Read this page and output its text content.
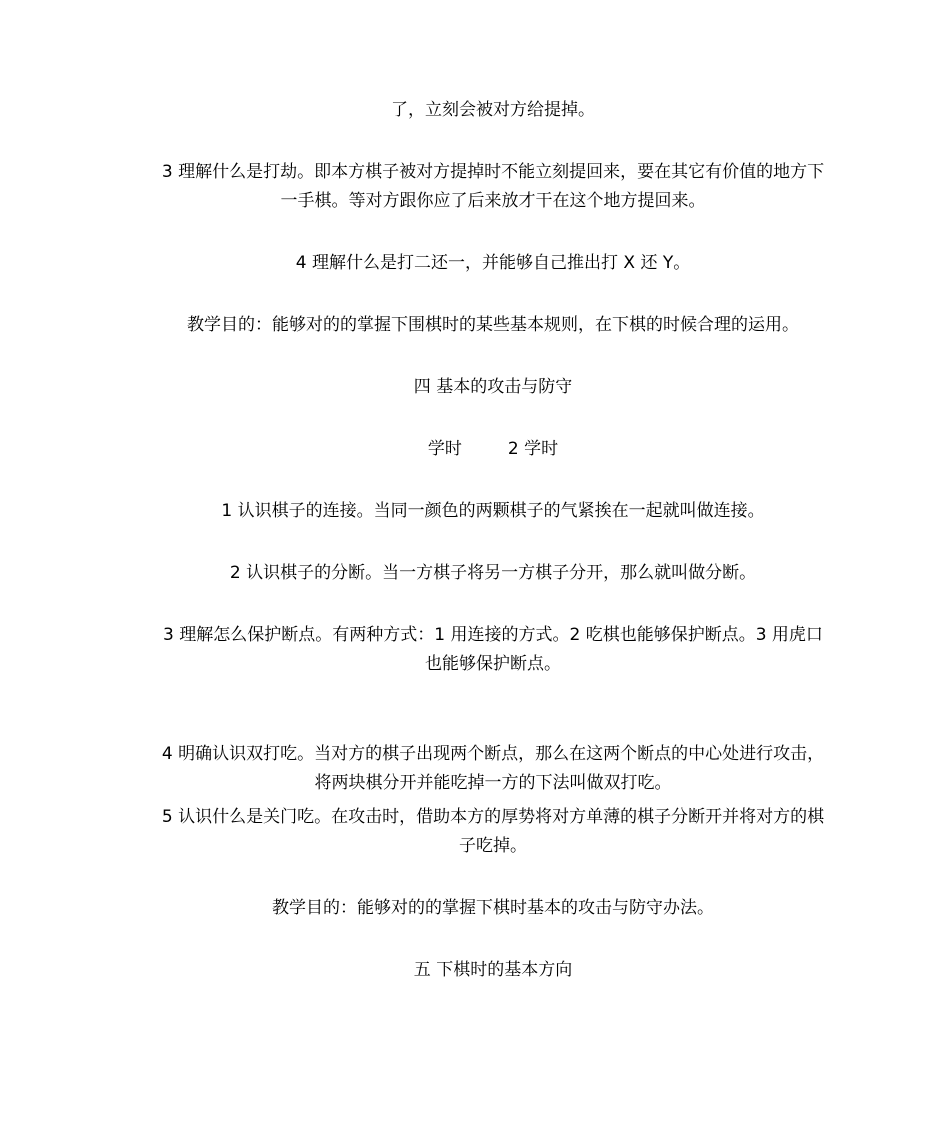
了，立刻会被对方给提掉。

3 理解什么是打劫。即本方棋子被对方提掉时不能立刻提回来，要在其它有价值的地方下一手棋。等对方跟你应了后来放才干在这个地方提回来。

4 理解什么是打二还一，并能够自己推出打 X 还 Y。

教学目的：能够对的的掌握下围棋时的某些基本规则，在下棋的时候合理的运用。

四 基本的攻击与防守

学时	2 学时

1 认识棋子的连接。当同一颜色的两颗棋子的气紧挨在一起就叫做连接。

2 认识棋子的分断。当一方棋子将另一方棋子分开，那么就叫做分断。

3 理解怎么保护断点。有两种方式：1 用连接的方式。2 吃棋也能够保护断点。3 用虎口也能够保护断点。

4 明确认识双打吃。当对方的棋子出现两个断点，那么在这两个断点的中心处进行攻击，将两块棋分开并能吃掉一方的下法叫做双打吃。

5 认识什么是关门吃。在攻击时，借助本方的厚势将对方单薄的棋子分断开并将对方的棋子吃掉。

教学目的：能够对的的掌握下棋时基本的攻击与防守办法。

五 下棋时的基本方向
